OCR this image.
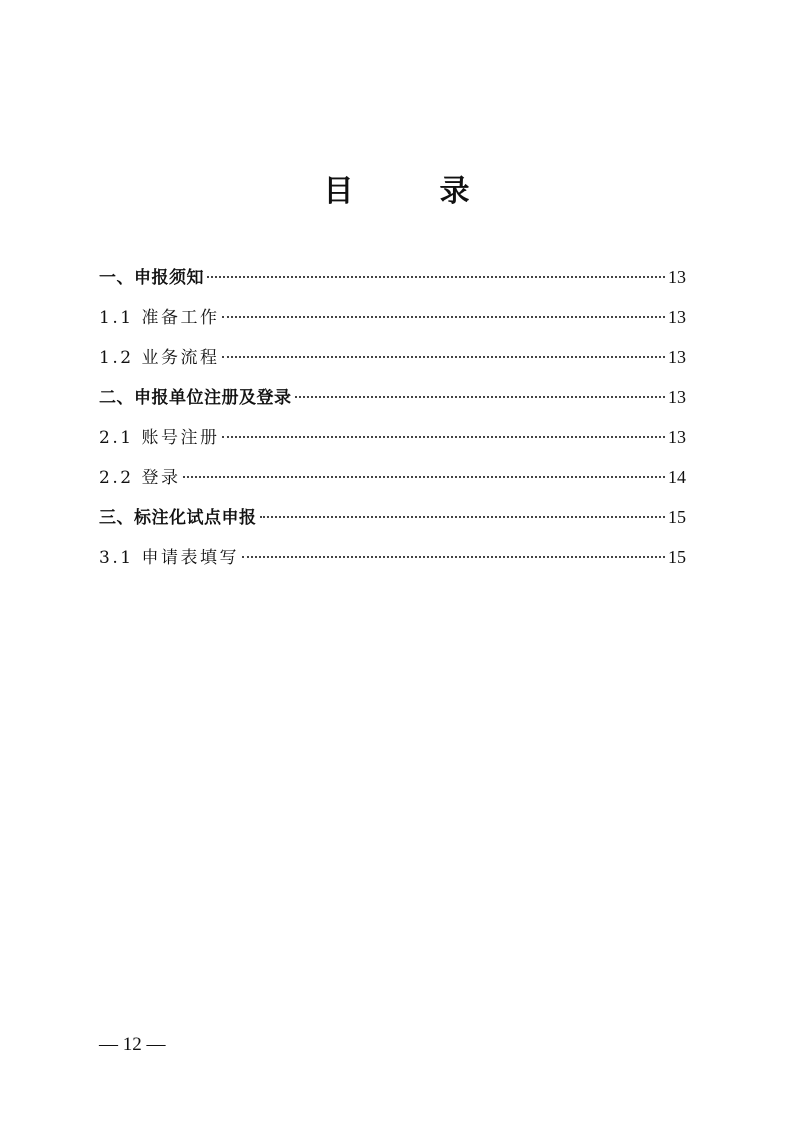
目　录
一、申报须知	13
1.1 准备工作	13
1.2 业务流程	13
二、申报单位注册及登录	13
2.1 账号注册	13
2.2 登录	14
三、标注化试点申报	15
3.1 申请表填写	15
— 12 —
